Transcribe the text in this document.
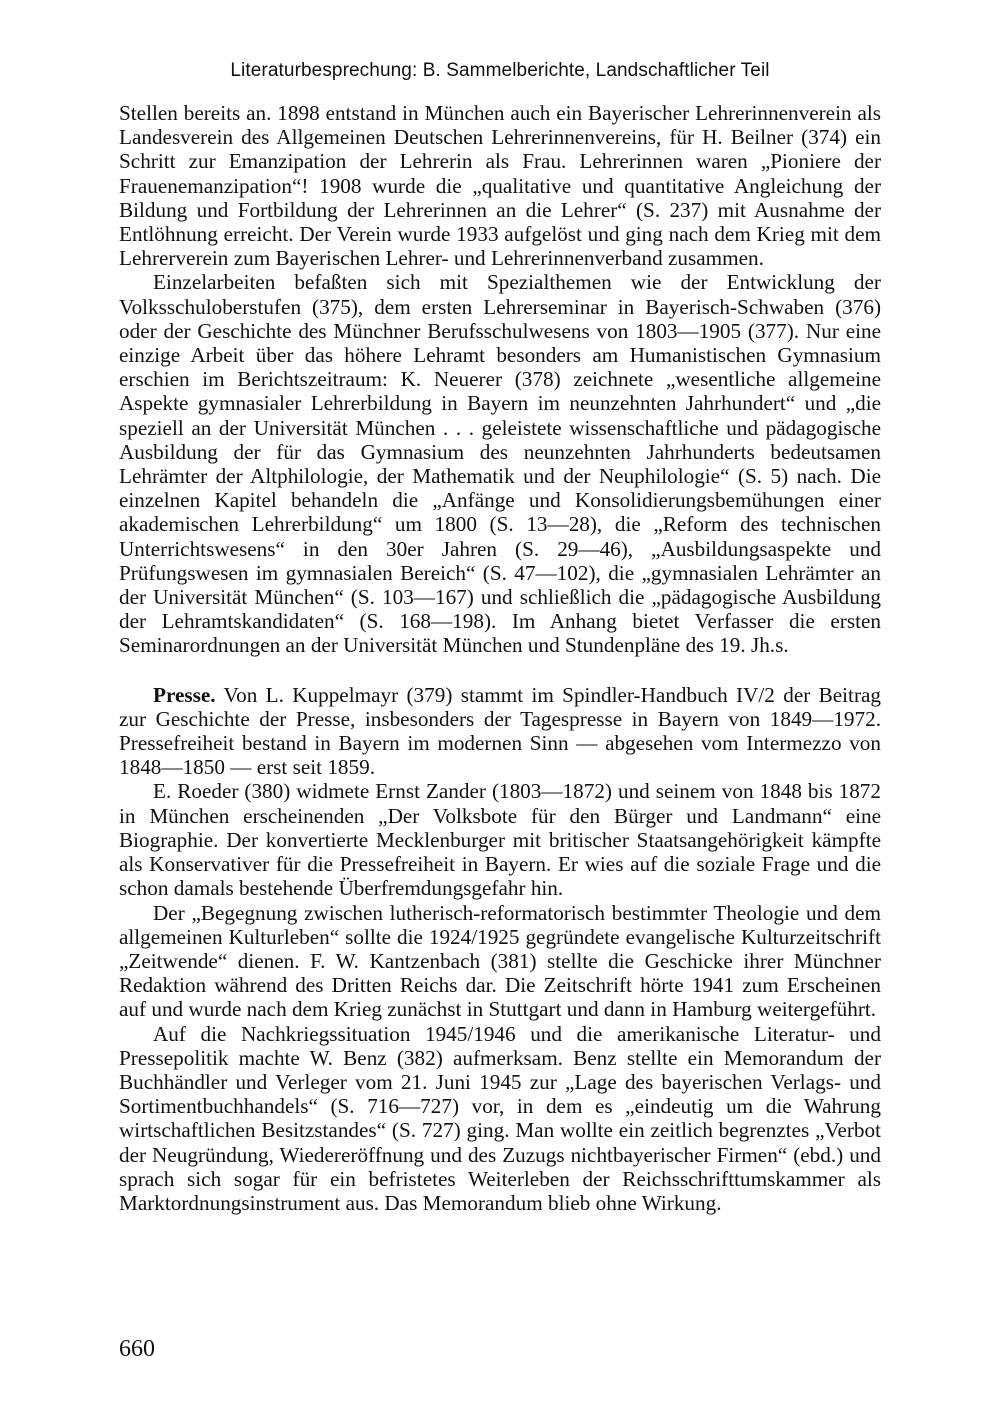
Literaturbesprechung: B. Sammelberichte, Landschaftlicher Teil

Stellen bereits an. 1898 entstand in München auch ein Bayerischer Lehrerinnenverein als Landesverein des Allgemeinen Deutschen Lehrerinnenvereins, für H. Beilner (374) ein Schritt zur Emanzipation der Lehrerin als Frau. Lehrerinnen waren „Pioniere der Frauenemanzipation“! 1908 wurde die „qualitative und quantitative Angleichung der Bildung und Fortbildung der Lehrerinnen an die Lehrer“ (S. 237) mit Ausnahme der Entlöhnung erreicht. Der Verein wurde 1933 aufgelöst und ging nach dem Krieg mit dem Lehrerverein zum Bayerischen Lehrer- und Lehrerinnenverband zusammen.

Einzelarbeiten befaßten sich mit Spezialthemen wie der Entwicklung der Volksschuloberstufen (375), dem ersten Lehrerseminar in Bayerisch-Schwaben (376) oder der Geschichte des Münchner Berufsschulwesens von 1803—1905 (377). Nur eine einzige Arbeit über das höhere Lehramt besonders am Humanistischen Gymnasium erschien im Berichtszeitraum: K. Neuerer (378) zeichnete „wesentliche allgemeine Aspekte gymnasialer Lehrerbildung in Bayern im neunzehnten Jahrhundert“ und „die speziell an der Universität München . . . geleistete wissenschaftliche und pädagogische Ausbildung der für das Gymnasium des neunzehnten Jahrhunderts bedeutsamen Lehrämter der Altphilologie, der Mathematik und der Neuphilologie“ (S. 5) nach. Die einzelnen Kapitel behandeln die „Anfänge und Konsolidierungsbemühungen einer akademischen Lehrerbildung“ um 1800 (S. 13—28), die „Reform des technischen Unterrichtswesens“ in den 30er Jahren (S. 29—46), „Ausbildungsaspekte und Prüfungswesen im gymnasialen Bereich“ (S. 47—102), die „gymnasialen Lehrämter an der Universität München“ (S. 103—167) und schließlich die „pädagogische Ausbildung der Lehramtskandidaten“ (S. 168—198). Im Anhang bietet Verfasser die ersten Seminarordnungen an der Universität München und Stundenpläne des 19. Jh.s.

Presse. Von L. Kuppelmayr (379) stammt im Spindler-Handbuch IV/2 der Beitrag zur Geschichte der Presse, insbesonders der Tagespresse in Bayern von 1849—1972. Pressefreiheit bestand in Bayern im modernen Sinn — abgesehen vom Intermezzo von 1848—1850 — erst seit 1859.

E. Roeder (380) widmete Ernst Zander (1803—1872) und seinem von 1848 bis 1872 in München erscheinenden „Der Volksbote für den Bürger und Landmann“ eine Biographie. Der konvertierte Mecklenburger mit britischer Staatsangehörigkeit kämpfte als Konservativer für die Pressefreiheit in Bayern. Er wies auf die soziale Frage und die schon damals bestehende Überfremdungsgefahr hin.

Der „Begegnung zwischen lutherisch-reformatorisch bestimmter Theologie und dem allgemeinen Kulturleben“ sollte die 1924/1925 gegründete evangelische Kulturzeitschrift „Zeitwende“ dienen. F. W. Kantzenbach (381) stellte die Geschicke ihrer Münchner Redaktion während des Dritten Reichs dar. Die Zeitschrift hörte 1941 zum Erscheinen auf und wurde nach dem Krieg zunächst in Stuttgart und dann in Hamburg weitergeführt.

Auf die Nachkriegssituation 1945/1946 und die amerikanische Literatur- und Pressepolitik machte W. Benz (382) aufmerksam. Benz stellte ein Memorandum der Buchhändler und Verleger vom 21. Juni 1945 zur „Lage des bayerischen Verlags- und Sortimentbuchhandels“ (S. 716—727) vor, in dem es „eindeutig um die Wahrung wirtschaftlichen Besitzstandes“ (S. 727) ging. Man wollte ein zeitlich begrenztes „Verbot der Neugründung, Wiedereröffnung und des Zuzugs nichtbayerischer Firmen“ (ebd.) und sprach sich sogar für ein befristetes Weiterleben der Reichsschrifttumskammer als Marktordnungsinstrument aus. Das Memorandum blieb ohne Wirkung.

660
